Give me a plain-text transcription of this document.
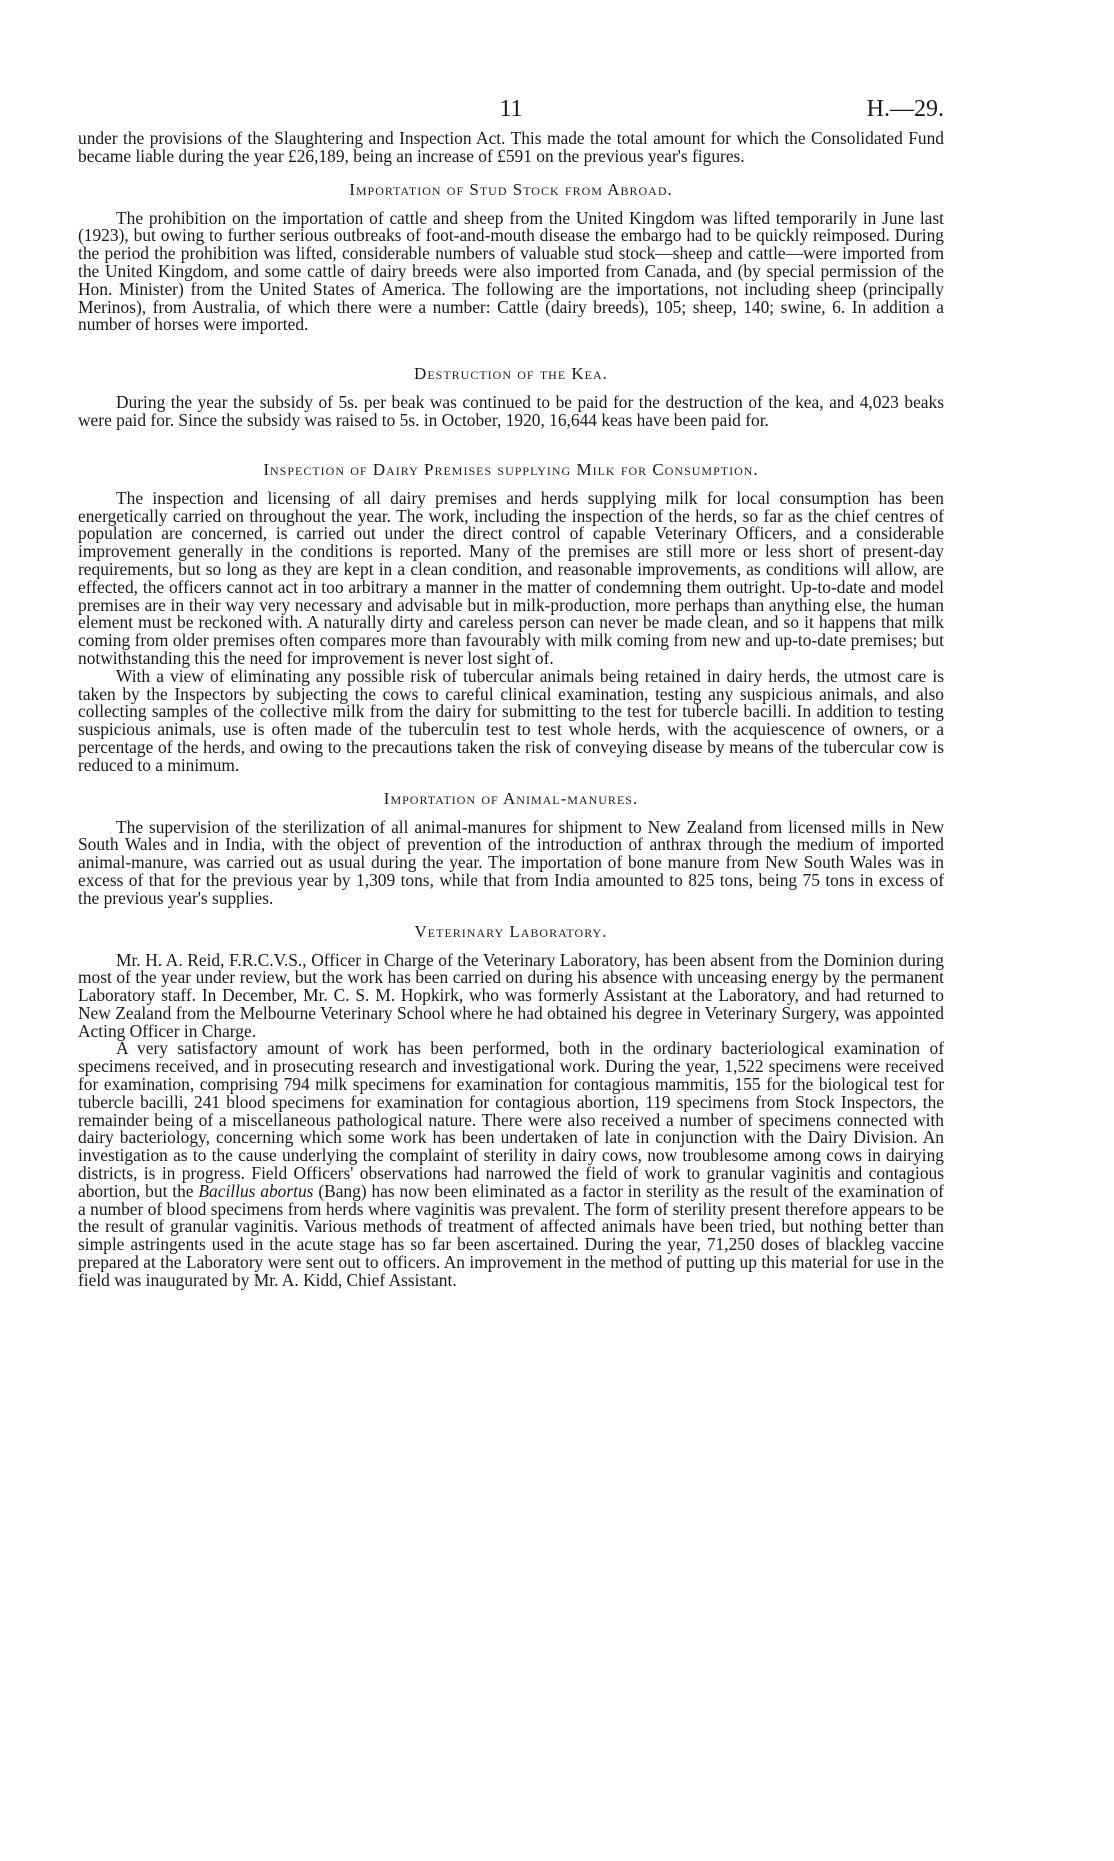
11	H.—29.

under the provisions of the Slaughtering and Inspection Act. This made the total amount for which the Consolidated Fund became liable during the year £26,189, being an increase of £591 on the previous year's figures.

Importation of Stud Stock from Abroad.

The prohibition on the importation of cattle and sheep from the United Kingdom was lifted temporarily in June last (1923), but owing to further serious outbreaks of foot-and-mouth disease the embargo had to be quickly reimposed. During the period the prohibition was lifted, considerable numbers of valuable stud stock—sheep and cattle—were imported from the United Kingdom, and some cattle of dairy breeds were also imported from Canada, and (by special permission of the Hon. Minister) from the United States of America. The following are the importations, not including sheep (principally Merinos), from Australia, of which there were a number: Cattle (dairy breeds), 105; sheep, 140; swine, 6. In addition a number of horses were imported.

Destruction of the Kea.

During the year the subsidy of 5s. per beak was continued to be paid for the destruction of the kea, and 4,023 beaks were paid for. Since the subsidy was raised to 5s. in October, 1920, 16,644 keas have been paid for.

Inspection of Dairy Premises supplying Milk for Consumption.

The inspection and licensing of all dairy premises and herds supplying milk for local consumption has been energetically carried on throughout the year. The work, including the inspection of the herds, so far as the chief centres of population are concerned, is carried out under the direct control of capable Veterinary Officers, and a considerable improvement generally in the conditions is reported. Many of the premises are still more or less short of present-day requirements, but so long as they are kept in a clean condition, and reasonable improvements, as conditions will allow, are effected, the officers cannot act in too arbitrary a manner in the matter of condemning them outright. Up-to-date and model premises are in their way very necessary and advisable but in milk-production, more perhaps than anything else, the human element must be reckoned with. A naturally dirty and careless person can never be made clean, and so it happens that milk coming from older premises often compares more than favourably with milk coming from new and up-to-date premises; but notwithstanding this the need for improvement is never lost sight of.

With a view of eliminating any possible risk of tubercular animals being retained in dairy herds, the utmost care is taken by the Inspectors by subjecting the cows to careful clinical examination, testing any suspicious animals, and also collecting samples of the collective milk from the dairy for submitting to the test for tubercle bacilli. In addition to testing suspicious animals, use is often made of the tuberculin test to test whole herds, with the acquiescence of owners, or a percentage of the herds, and owing to the precautions taken the risk of conveying disease by means of the tubercular cow is reduced to a minimum.

Importation of Animal-manures.

The supervision of the sterilization of all animal-manures for shipment to New Zealand from licensed mills in New South Wales and in India, with the object of prevention of the introduction of anthrax through the medium of imported animal-manure, was carried out as usual during the year. The importation of bone manure from New South Wales was in excess of that for the previous year by 1,309 tons, while that from India amounted to 825 tons, being 75 tons in excess of the previous year's supplies.

Veterinary Laboratory.

Mr. H. A. Reid, F.R.C.V.S., Officer in Charge of the Veterinary Laboratory, has been absent from the Dominion during most of the year under review, but the work has been carried on during his absence with unceasing energy by the permanent Laboratory staff. In December, Mr. C. S. M. Hopkirk, who was formerly Assistant at the Laboratory, and had returned to New Zealand from the Melbourne Veterinary School where he had obtained his degree in Veterinary Surgery, was appointed Acting Officer in Charge.

A very satisfactory amount of work has been performed, both in the ordinary bacteriological examination of specimens received, and in prosecuting research and investigational work. During the year, 1,522 specimens were received for examination, comprising 794 milk specimens for examination for contagious mammitis, 155 for the biological test for tubercle bacilli, 241 blood specimens for examination for contagious abortion, 119 specimens from Stock Inspectors, the remainder being of a miscellaneous pathological nature. There were also received a number of specimens connected with dairy bacteriology, concerning which some work has been undertaken of late in conjunction with the Dairy Division. An investigation as to the cause underlying the complaint of sterility in dairy cows, now troublesome among cows in dairying districts, is in progress. Field Officers' observations had narrowed the field of work to granular vaginitis and contagious abortion, but the Bacillus abortus (Bang) has now been eliminated as a factor in sterility as the result of the examination of a number of blood specimens from herds where vaginitis was prevalent. The form of sterility present therefore appears to be the result of granular vaginitis. Various methods of treatment of affected animals have been tried, but nothing better than simple astringents used in the acute stage has so far been ascertained. During the year, 71,250 doses of blackleg vaccine prepared at the Laboratory were sent out to officers. An improvement in the method of putting up this material for use in the field was inaugurated by Mr. A. Kidd, Chief Assistant.
